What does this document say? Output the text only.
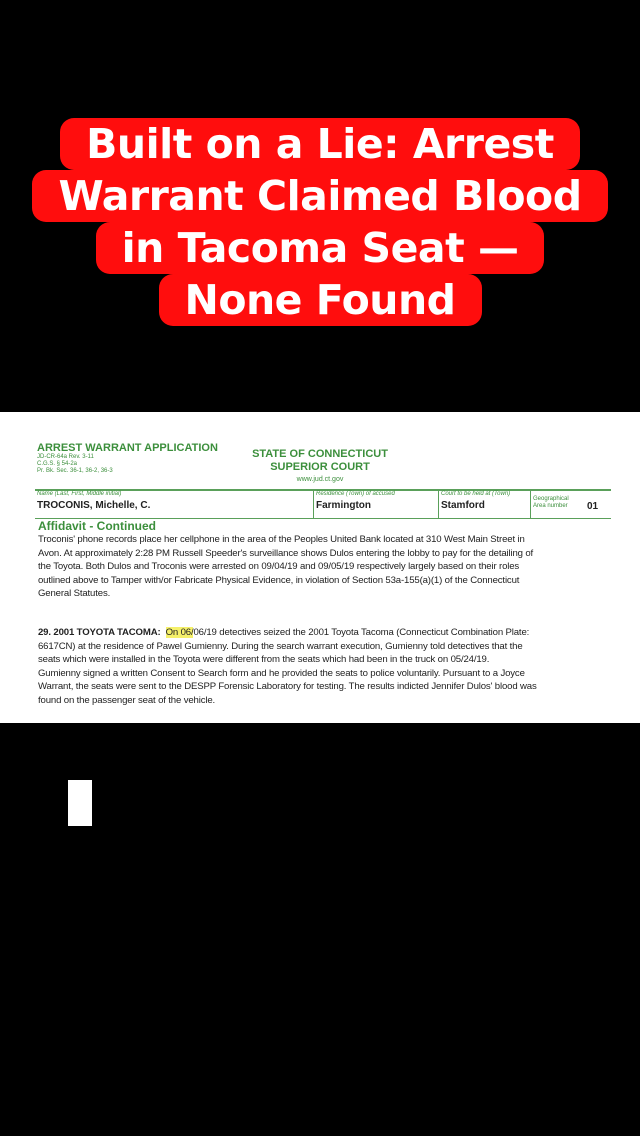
Built on a Lie: Arrest
Warrant Claimed Blood
in Tacoma Seat —
None Found
ARREST WARRANT APPLICATION
JD-CR-64a Rev. 3-11
C.G.S. § 54-2a
Pr. Bk. Sec. 36-1, 36-2, 36-3
STATE OF CONNECTICUT
SUPERIOR COURT
www.jud.ct.gov
Name (Last, First, Middle initial)
TROCONIS, Michelle, C.
Residence (Town) of accused
Farmington
Court to be held at (Town)
Stamford
Geographical
Area number	01
Affidavit - Continued
Troconis' phone records place her cellphone in the area of the Peoples United Bank located at 310 West Main Street in
Avon. At approximately 2:28 PM Russell Speeder's surveillance shows Dulos entering the lobby to pay for the detailing of
the Toyota. Both Dulos and Troconis were arrested on 09/04/19 and 09/05/19 respectively largely based on their roles
outlined above to Tamper with/or Fabricate Physical Evidence, in violation of Section 53a-155(a)(1) of the Connecticut
General Statutes.
29. 2001 TOYOTA TACOMA: On 06/06/19 detectives seized the 2001 Toyota Tacoma (Connecticut Combination Plate:
6617CN) at the residence of Pawel Gumienny. During the search warrant execution, Gumienny told detectives that the
seats which were installed in the Toyota were different from the seats which had been in the truck on 05/24/19.
Gumienny signed a written Consent to Search form and he provided the seats to police voluntarily. Pursuant to a Joyce
Warrant, the seats were sent to the DESPP Forensic Laboratory for testing. The results indicted Jennifer Dulos' blood was
found on the passenger seat of the vehicle.
